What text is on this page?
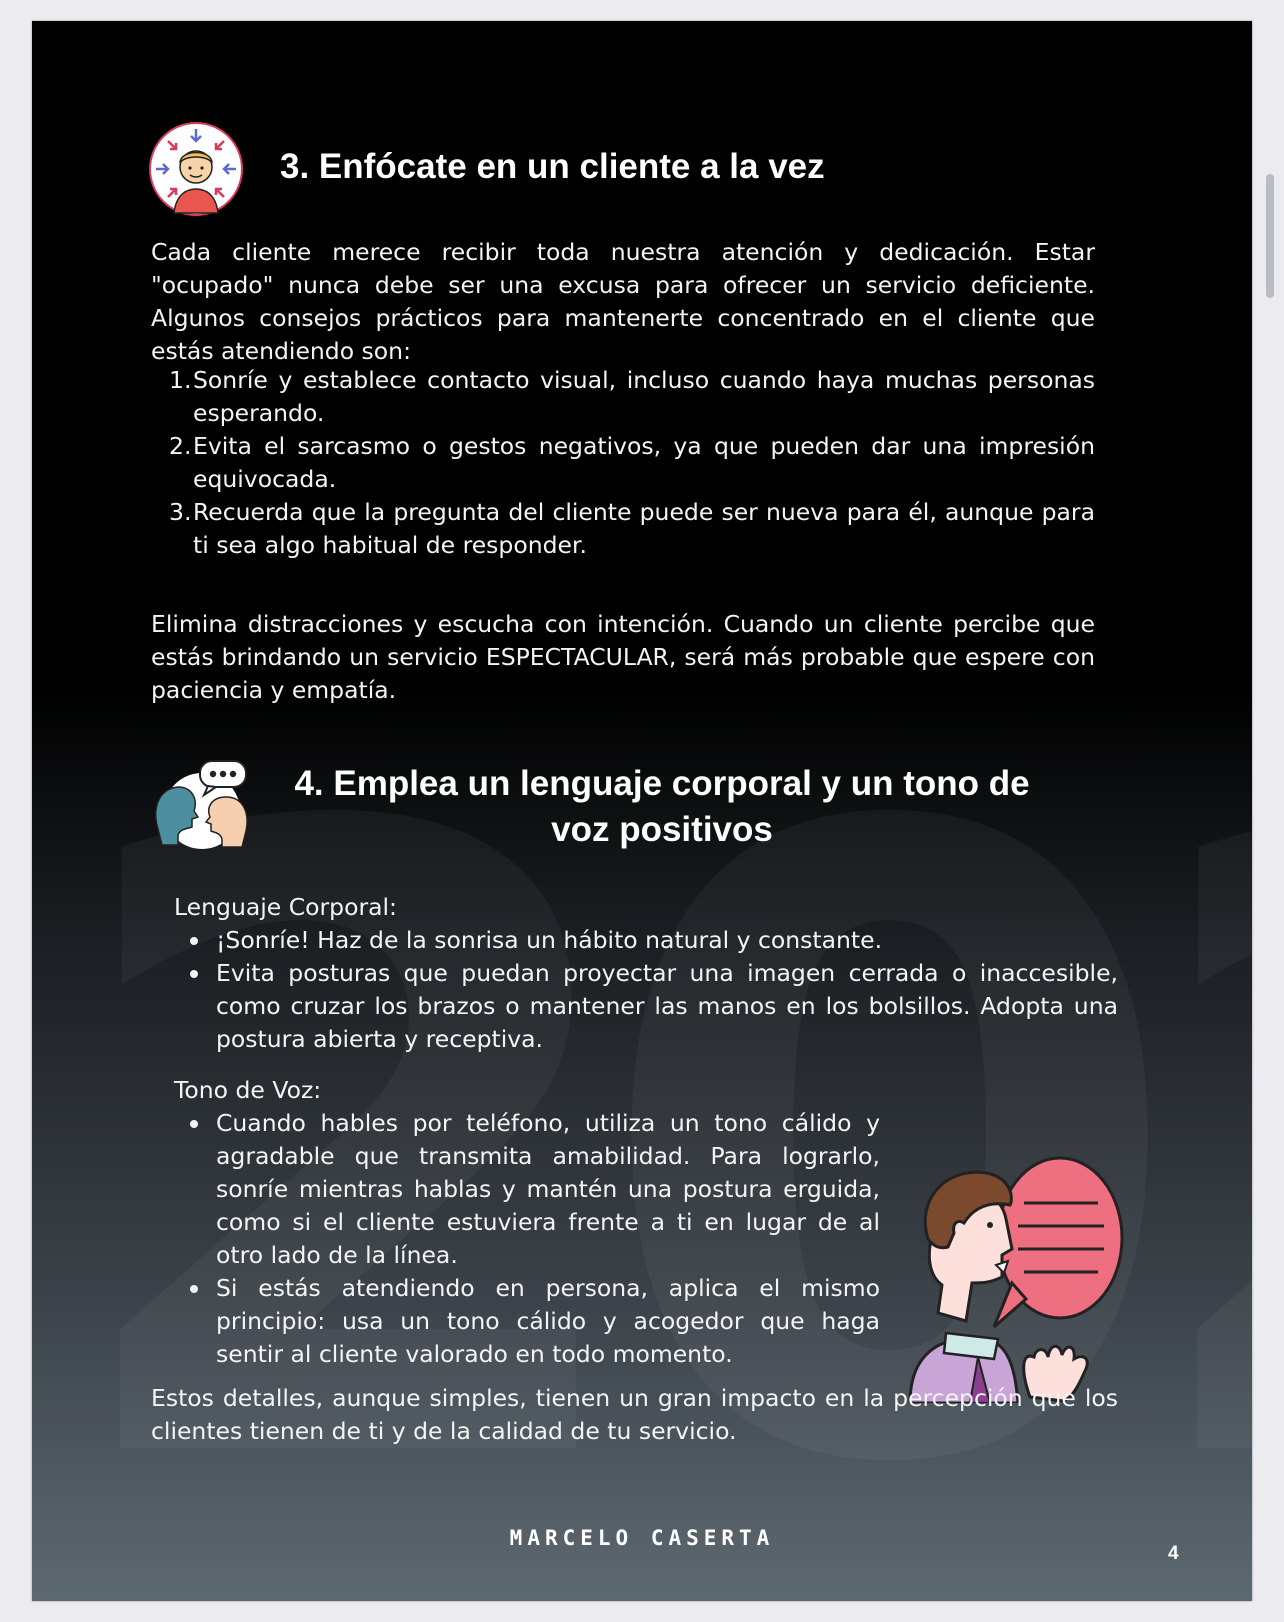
3. Enfócate en un cliente a la vez
Cada cliente merece recibir toda nuestra atención y dedicación. Estar "ocupado" nunca debe ser una excusa para ofrecer un servicio deficiente. Algunos consejos prácticos para mantenerte concentrado en el cliente que estás atendiendo son:
1. Sonríe y establece contacto visual, incluso cuando haya muchas personas esperando.
2. Evita el sarcasmo o gestos negativos, ya que pueden dar una impresión equivocada.
3. Recuerda que la pregunta del cliente puede ser nueva para él, aunque para ti sea algo habitual de responder.
Elimina distracciones y escucha con intención. Cuando un cliente percibe que estás brindando un servicio ESPECTACULAR, será más probable que espere con paciencia y empatía.
4. Emplea un lenguaje corporal y un tono de
voz positivos
Lenguaje Corporal:
¡Sonríe! Haz de la sonrisa un hábito natural y constante.
Evita posturas que puedan proyectar una imagen cerrada o inaccesible, como cruzar los brazos o mantener las manos en los bolsillos. Adopta una postura abierta y receptiva.
Tono de Voz:
Cuando hables por teléfono, utiliza un tono cálido y agradable que transmita amabilidad. Para lograrlo, sonríe mientras hablas y mantén una postura erguida, como si el cliente estuviera frente a ti en lugar de al otro lado de la línea.
Si estás atendiendo en persona, aplica el mismo principio: usa un tono cálido y acogedor que haga sentir al cliente valorado en todo momento.
Estos detalles, aunque simples, tienen un gran impacto en la percepción que los clientes tienen de ti y de la calidad de tu servicio.
MARCELO CASERTA
4
